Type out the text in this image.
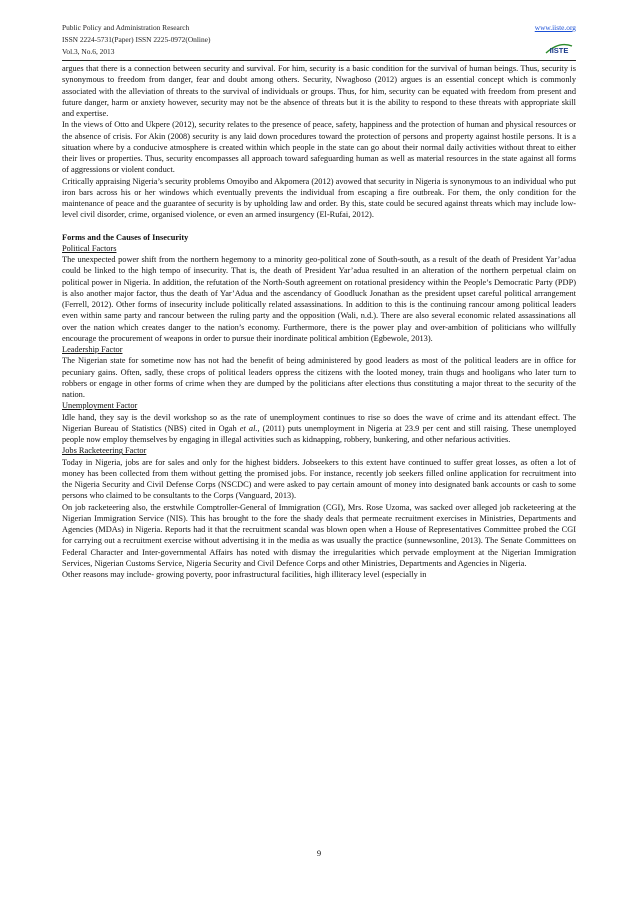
Public Policy and Administration Research	www.iiste.org
ISSN 2224-5731(Paper) ISSN 2225-0972(Online)
Vol.3, No.6, 2013	IISTE

argues that there is a connection between security and survival. For him, security is a basic condition for the survival of human beings. Thus, security is synonymous to freedom from danger, fear and doubt among others. Security, Nwagboso (2012) argues is an essential concept which is commonly associated with the alleviation of threats to the survival of individuals or groups. Thus, for him, security can be equated with freedom from present and future danger, harm or anxiety however, security may not be the absence of threats but it is the ability to respond to these threats with appropriate skill and expertise.

In the views of Otto and Ukpere (2012), security relates to the presence of peace, safety, happiness and the protection of human and physical resources or the absence of crisis. For Akin (2008) security is any laid down procedures toward the protection of persons and property against hostile persons. It is a situation where by a conducive atmosphere is created within which people in the state can go about their normal daily activities without threat to either their lives or properties. Thus, security encompasses all approach toward safeguarding human as well as material resources in the state against all forms of aggressions or violent conduct.

Critically appraising Nigeria’s security problems Omoyibo and Akpomera (2012) avowed that security in Nigeria is synonymous to an individual who put iron bars across his or her windows which eventually prevents the individual from escaping a fire outbreak. For them, the only condition for the maintenance of peace and the guarantee of security is by upholding law and order. By this, state could be secured against threats which may include low-level civil disorder, crime, organised violence, or even an armed insurgency (El-Rufai, 2012).

Forms and the Causes of Insecurity

Political Factors

The unexpected power shift from the northern hegemony to a minority geo-political zone of South-south, as a result of the death of President Yar’adua could be linked to the high tempo of insecurity. That is, the death of President Yar’adua resulted in an alteration of the northern perpetual claim on political power in Nigeria. In addition, the refutation of the North-South agreement on rotational presidency within the People’s Democratic Party (PDP) is also another major factor, thus the death of Yar’Adua and the ascendancy of Goodluck Jonathan as the president upset careful political arrangement (Ferrell, 2012). Other forms of insecurity include politically related assassinations. In addition to this is the continuing rancour among political leaders even within same party and rancour between the ruling party and the opposition (Wali, n.d.). There are also several economic related assassinations all over the nation which creates danger to the nation’s economy. Furthermore, there is the power play and over-ambition of politicians who willfully encourage the procurement of weapons in order to pursue their inordinate political ambition (Egbewole, 2013).

Leadership Factor

The Nigerian state for sometime now has not had the benefit of being administered by good leaders as most of the political leaders are in office for pecuniary gains. Often, sadly, these crops of political leaders oppress the citizens with the looted money, train thugs and hooligans who later turn to robbers or engage in other forms of crime when they are dumped by the politicians after elections thus constituting a major threat to the security of the nation.

Unemployment Factor

Idle hand, they say is the devil workshop so as the rate of unemployment continues to rise so does the wave of crime and its attendant effect. The Nigerian Bureau of Statistics (NBS) cited in Ogah et al., (2011) puts unemployment in Nigeria at 23.9 per cent and still raising. These unemployed people now employ themselves by engaging in illegal activities such as kidnapping, robbery, bunkering, and other nefarious activities.

Jobs Racketeering Factor

Today in Nigeria, jobs are for sales and only for the highest bidders. Jobseekers to this extent have continued to suffer great losses, as often a lot of money has been collected from them without getting the promised jobs. For instance, recently job seekers filled online application for recruitment into the Nigeria Security and Civil Defense Corps (NSCDC) and were asked to pay certain amount of money into designated bank accounts or cash to some persons who claimed to be consultants to the Corps (Vanguard, 2013).

On job racketeering also, the erstwhile Comptroller-General of Immigration (CGI), Mrs. Rose Uzoma, was sacked over alleged job racketeering at the Nigerian Immigration Service (NIS). This has brought to the fore the shady deals that permeate recruitment exercises in Ministries, Departments and Agencies (MDAs) in Nigeria. Reports had it that the recruitment scandal was blown open when a House of Representatives Committee probed the CGI for carrying out a recruitment exercise without advertising it in the media as was usually the practice (sunnewsonline, 2013). The Senate Committees on Federal Character and Inter-governmental Affairs has noted with dismay the irregularities which pervade employment at the Nigerian Immigration Services, Nigerian Customs Service, Nigeria Security and Civil Defence Corps and other Ministries, Departments and Agencies in Nigeria.

Other reasons may include- growing poverty, poor infrastructural facilities, high illiteracy level (especially in

9
